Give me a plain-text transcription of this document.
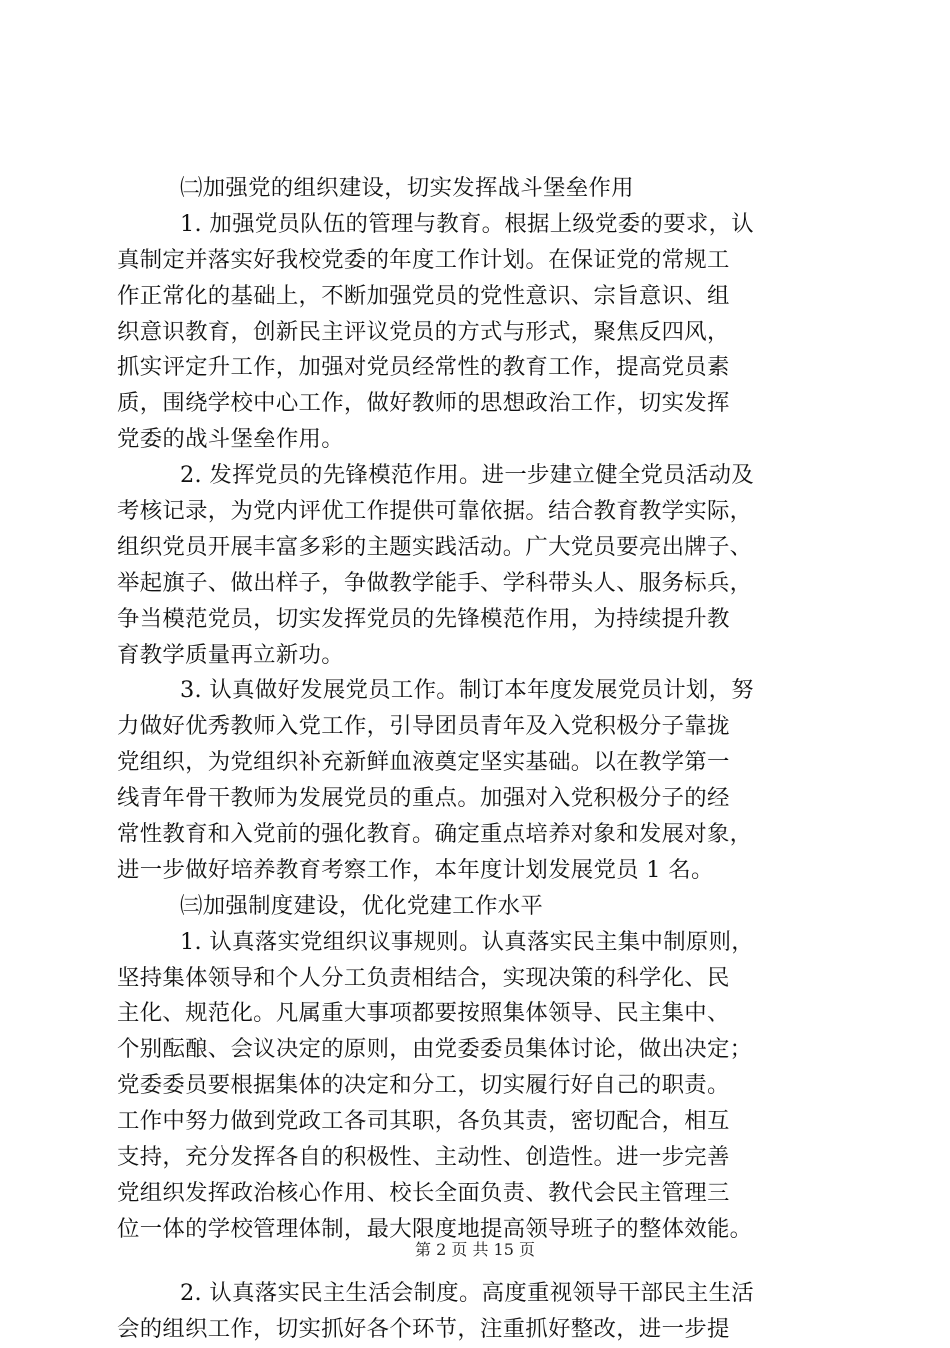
㈡加强党的组织建设，切实发挥战斗堡垒作用
1. 加强党员队伍的管理与教育。根据上级党委的要求，认
真制定并落实好我校党委的年度工作计划。在保证党的常规工
作正常化的基础上，不断加强党员的党性意识、宗旨意识、组
织意识教育，创新民主评议党员的方式与形式，聚焦反四风，
抓实评定升工作，加强对党员经常性的教育工作，提高党员素
质，围绕学校中心工作，做好教师的思想政治工作，切实发挥
党委的战斗堡垒作用。
2. 发挥党员的先锋模范作用。进一步建立健全党员活动及
考核记录，为党内评优工作提供可靠依据。结合教育教学实际，
组织党员开展丰富多彩的主题实践活动。广大党员要亮出牌子、
举起旗子、做出样子，争做教学能手、学科带头人、服务标兵，
争当模范党员，切实发挥党员的先锋模范作用，为持续提升教
育教学质量再立新功。
3. 认真做好发展党员工作。制订本年度发展党员计划，努
力做好优秀教师入党工作，引导团员青年及入党积极分子靠拢
党组织，为党组织补充新鲜血液奠定坚实基础。以在教学第一
线青年骨干教师为发展党员的重点。加强对入党积极分子的经
常性教育和入党前的强化教育。确定重点培养对象和发展对象，
进一步做好培养教育考察工作，本年度计划发展党员 1 名。
㈢加强制度建设，优化党建工作水平
1. 认真落实党组织议事规则。认真落实民主集中制原则，
坚持集体领导和个人分工负责相结合，实现决策的科学化、民
主化、规范化。凡属重大事项都要按照集体领导、民主集中、
个别酝酿、会议决定的原则，由党委委员集体讨论，做出决定；
党委委员要根据集体的决定和分工，切实履行好自己的职责。
工作中努力做到党政工各司其职，各负其责，密切配合，相互
支持，充分发挥各自的积极性、主动性、创造性。进一步完善
党组织发挥政治核心作用、校长全面负责、教代会民主管理三
位一体的学校管理体制，最大限度地提高领导班子的整体效能。
2. 认真落实民主生活会制度。高度重视领导干部民主生活
会的组织工作，切实抓好各个环节，注重抓好整改，进一步提
第 2 页 共 15 页
